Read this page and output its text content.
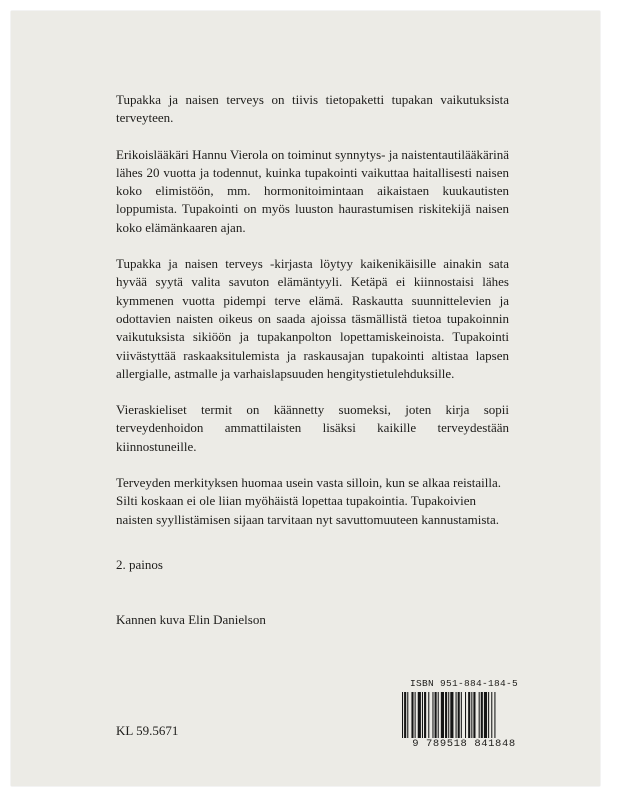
Tupakka ja naisen terveys on tiivis tietopaketti tupakan vaikutuksista terveyteen.

Erikoislääkäri Hannu Vierola on toiminut synnytys- ja naistentautilääkärinä lähes 20 vuotta ja todennut, kuinka tupakointi vaikuttaa haitallisesti naisen koko elimistöön, mm. hormonitoimintaan aikaistaen kuukautisten loppumista. Tupakointi on myös luuston haurastumisen riskitekijä naisen koko elämänkaaren ajan.

Tupakka ja naisen terveys -kirjasta löytyy kaikenikäisille ainakin sata hyvää syytä valita savuton elämäntyyli. Ketäpä ei kiinnostaisi lähes kymmenen vuotta pidempi terve elämä. Raskautta suunnittelevien ja odottavien naisten oikeus on saada ajoissa täsmällistä tietoa tupakoinnin vaikutuksista sikiöön ja tupakanpolton lopettamiskeinoista. Tupakointi viivästyttää raskaaksitulemista ja raskausajan tupakointi altistaa lapsen allergialle, astmalle ja varhaislapsuuden hengitystietulehduksille.

Vieraskieliset termit on käännetty suomeksi, joten kirja sopii terveydenhoidon ammattilaisten lisäksi kaikille terveydestään kiinnostuneille.

Terveyden merkityksen huomaa usein vasta silloin, kun se alkaa reistailla. Silti koskaan ei ole liian myöhäistä lopettaa tupakointia. Tupakoivien naisten syyllistämisen sijaan tarvitaan nyt savuttomuuteen kannustamista.

2. painos
Kannen kuva Elin Danielson
KL 59.5671
ISBN 951-884-184-5
9 789518 841848
